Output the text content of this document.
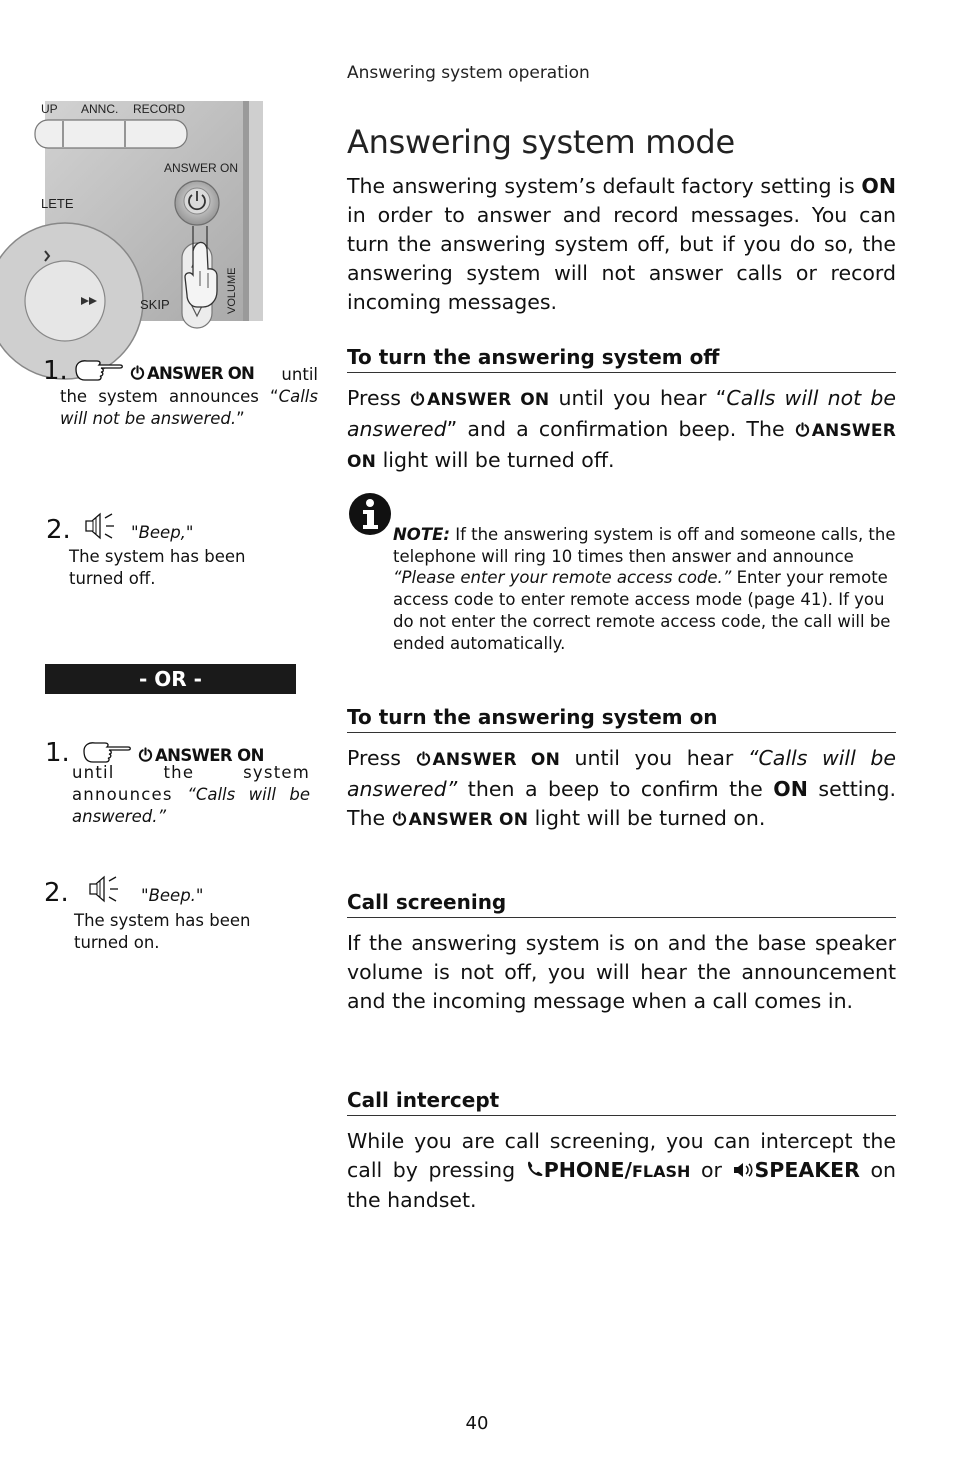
Answering system operation
UP ANNC. RECORD
ANSWER ON
LETE
SKIP	VOLUME
Answering system mode
The answering system’s default factory setting is ON in order to answer and record messages. You can turn the answering system off, but if you do so, the answering system will not answer calls or record incoming messages.
1.	ANSWER ON
until the system announces “Calls will not be answered.”
2.	"Beep,"
The system has been turned off.
- OR -
1.	ANSWER ON
until the system announces “Calls will be answered.”
2.	"Beep."
The system has been turned on.
To turn the answering system off
Press ANSWER ON until you hear “Calls will not be answered” and a confirmation beep. The ANSWER ON light will be turned off.
NOTE: If the answering system is off and someone calls, the telephone will ring 10 times then answer and announce “Please enter your remote access code.” Enter your remote access code to enter remote access mode (page 41). If you do not enter the correct remote access code, the call will be ended automatically.
To turn the answering system on
Press ANSWER ON until you hear “Calls will be answered” then a beep to confirm the ON setting. The ANSWER ON light will be turned on.
Call screening
If the answering system is on and the base speaker volume is not off, you will hear the announcement and the incoming message when a call comes in.
Call intercept
While you are call screening, you can intercept the call by pressing PHONE/FLASH or SPEAKER on the handset.
40
